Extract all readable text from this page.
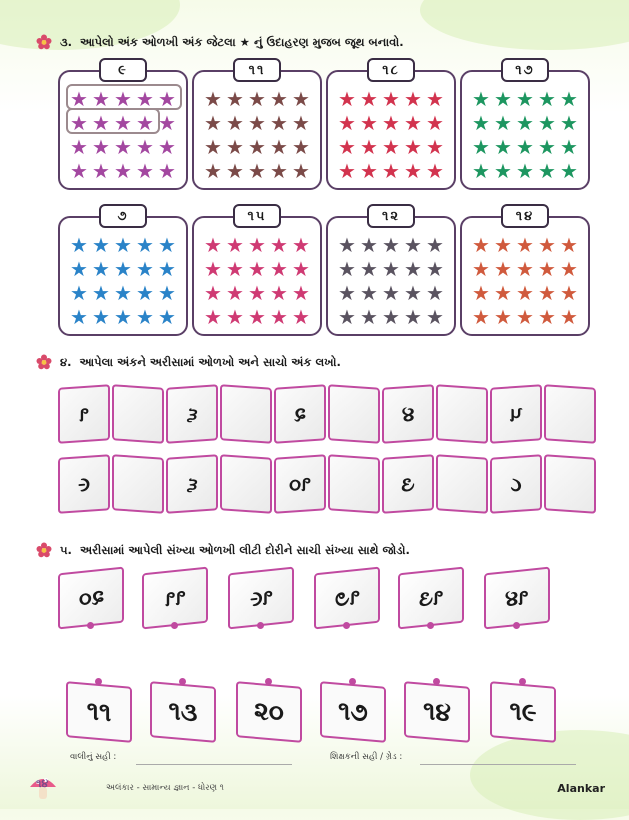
૩. આપેલો અંક ઓળખી અંક જેટલા ★ નું ઉદાહરણ મુજબ જૂથ બનાવો.
૯
★ ★ ★ ★ ★
★ ★ ★ ★ ★
★ ★ ★ ★ ★
★ ★ ★ ★ ★
૧૧
★ ★ ★ ★ ★
★ ★ ★ ★ ★
★ ★ ★ ★ ★
★ ★ ★ ★ ★
૧૮
★ ★ ★ ★ ★
★ ★ ★ ★ ★
★ ★ ★ ★ ★
★ ★ ★ ★ ★
૧૭
★ ★ ★ ★ ★
★ ★ ★ ★ ★
★ ★ ★ ★ ★
★ ★ ★ ★ ★
૭
★ ★ ★ ★ ★
★ ★ ★ ★ ★
★ ★ ★ ★ ★
★ ★ ★ ★ ★
૧૫
★ ★ ★ ★ ★
★ ★ ★ ★ ★
★ ★ ★ ★ ★
★ ★ ★ ★ ★
૧૨
★ ★ ★ ★ ★
★ ★ ★ ★ ★
★ ★ ★ ★ ★
★ ★ ★ ★ ★
૧૪
★ ★ ★ ★ ★
★ ★ ★ ★ ★
★ ★ ★ ★ ★
★ ★ ★ ★ ★
૪. આપેલા અંકને અરીસામાં ઓળખો અને સાચો અંક લખો.
૧	૬	૨	૪	૫
૯	૬	૧૦	૩	૮
૫. અરીસામાં આપેલી સંખ્યા ઓળખી લીટી દોરીને સાચી સંખ્યા સાથે જોડો.
૨૦	૧૧	૧૯	૧૭	૧૩	૧૪
૧૧	૧૩	૨૦	૧૭	૧૪	૧૯
વાલીનું સહી :	શિક્ષકની સહી / ગ્રેડ :
૧૪	અલંકાર - સામાન્ય જ્ઞાન - ધોરણ ૧	Alankar
